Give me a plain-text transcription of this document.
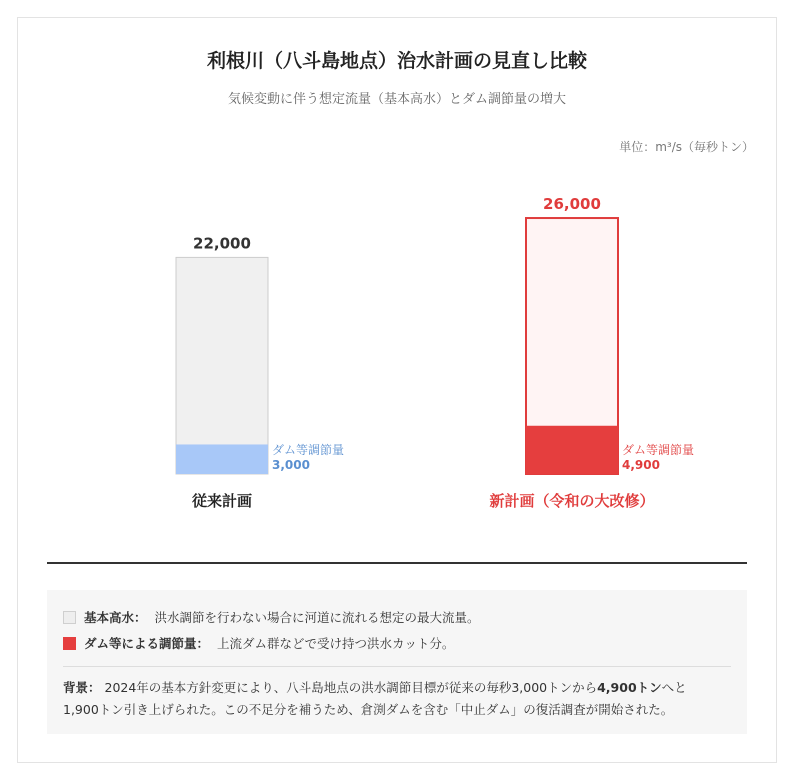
利根川（八斗島地点）治水計画の見直し比較
気候変動に伴う想定流量（基本高水）とダム調節量の増大
単位：m³/s（毎秒トン）
22,000
ダム等調節量
3,000
従来計画
26,000
ダム等調節量
4,900
新計画（令和の大改修）
基本高水： 洪水調節を行わない場合に河道に流れる想定の最大流量。
ダム等による調節量： 上流ダム群などで受け持つ洪水カット分。
背景： 2024年の基本方針変更により、八斗島地点の洪水調節目標が従来の毎秒3,000トンから4,900トンへと
1,900トン引き上げられた。この不足分を補うため、倉渕ダムを含む「中止ダム」の復活調査が開始された。
